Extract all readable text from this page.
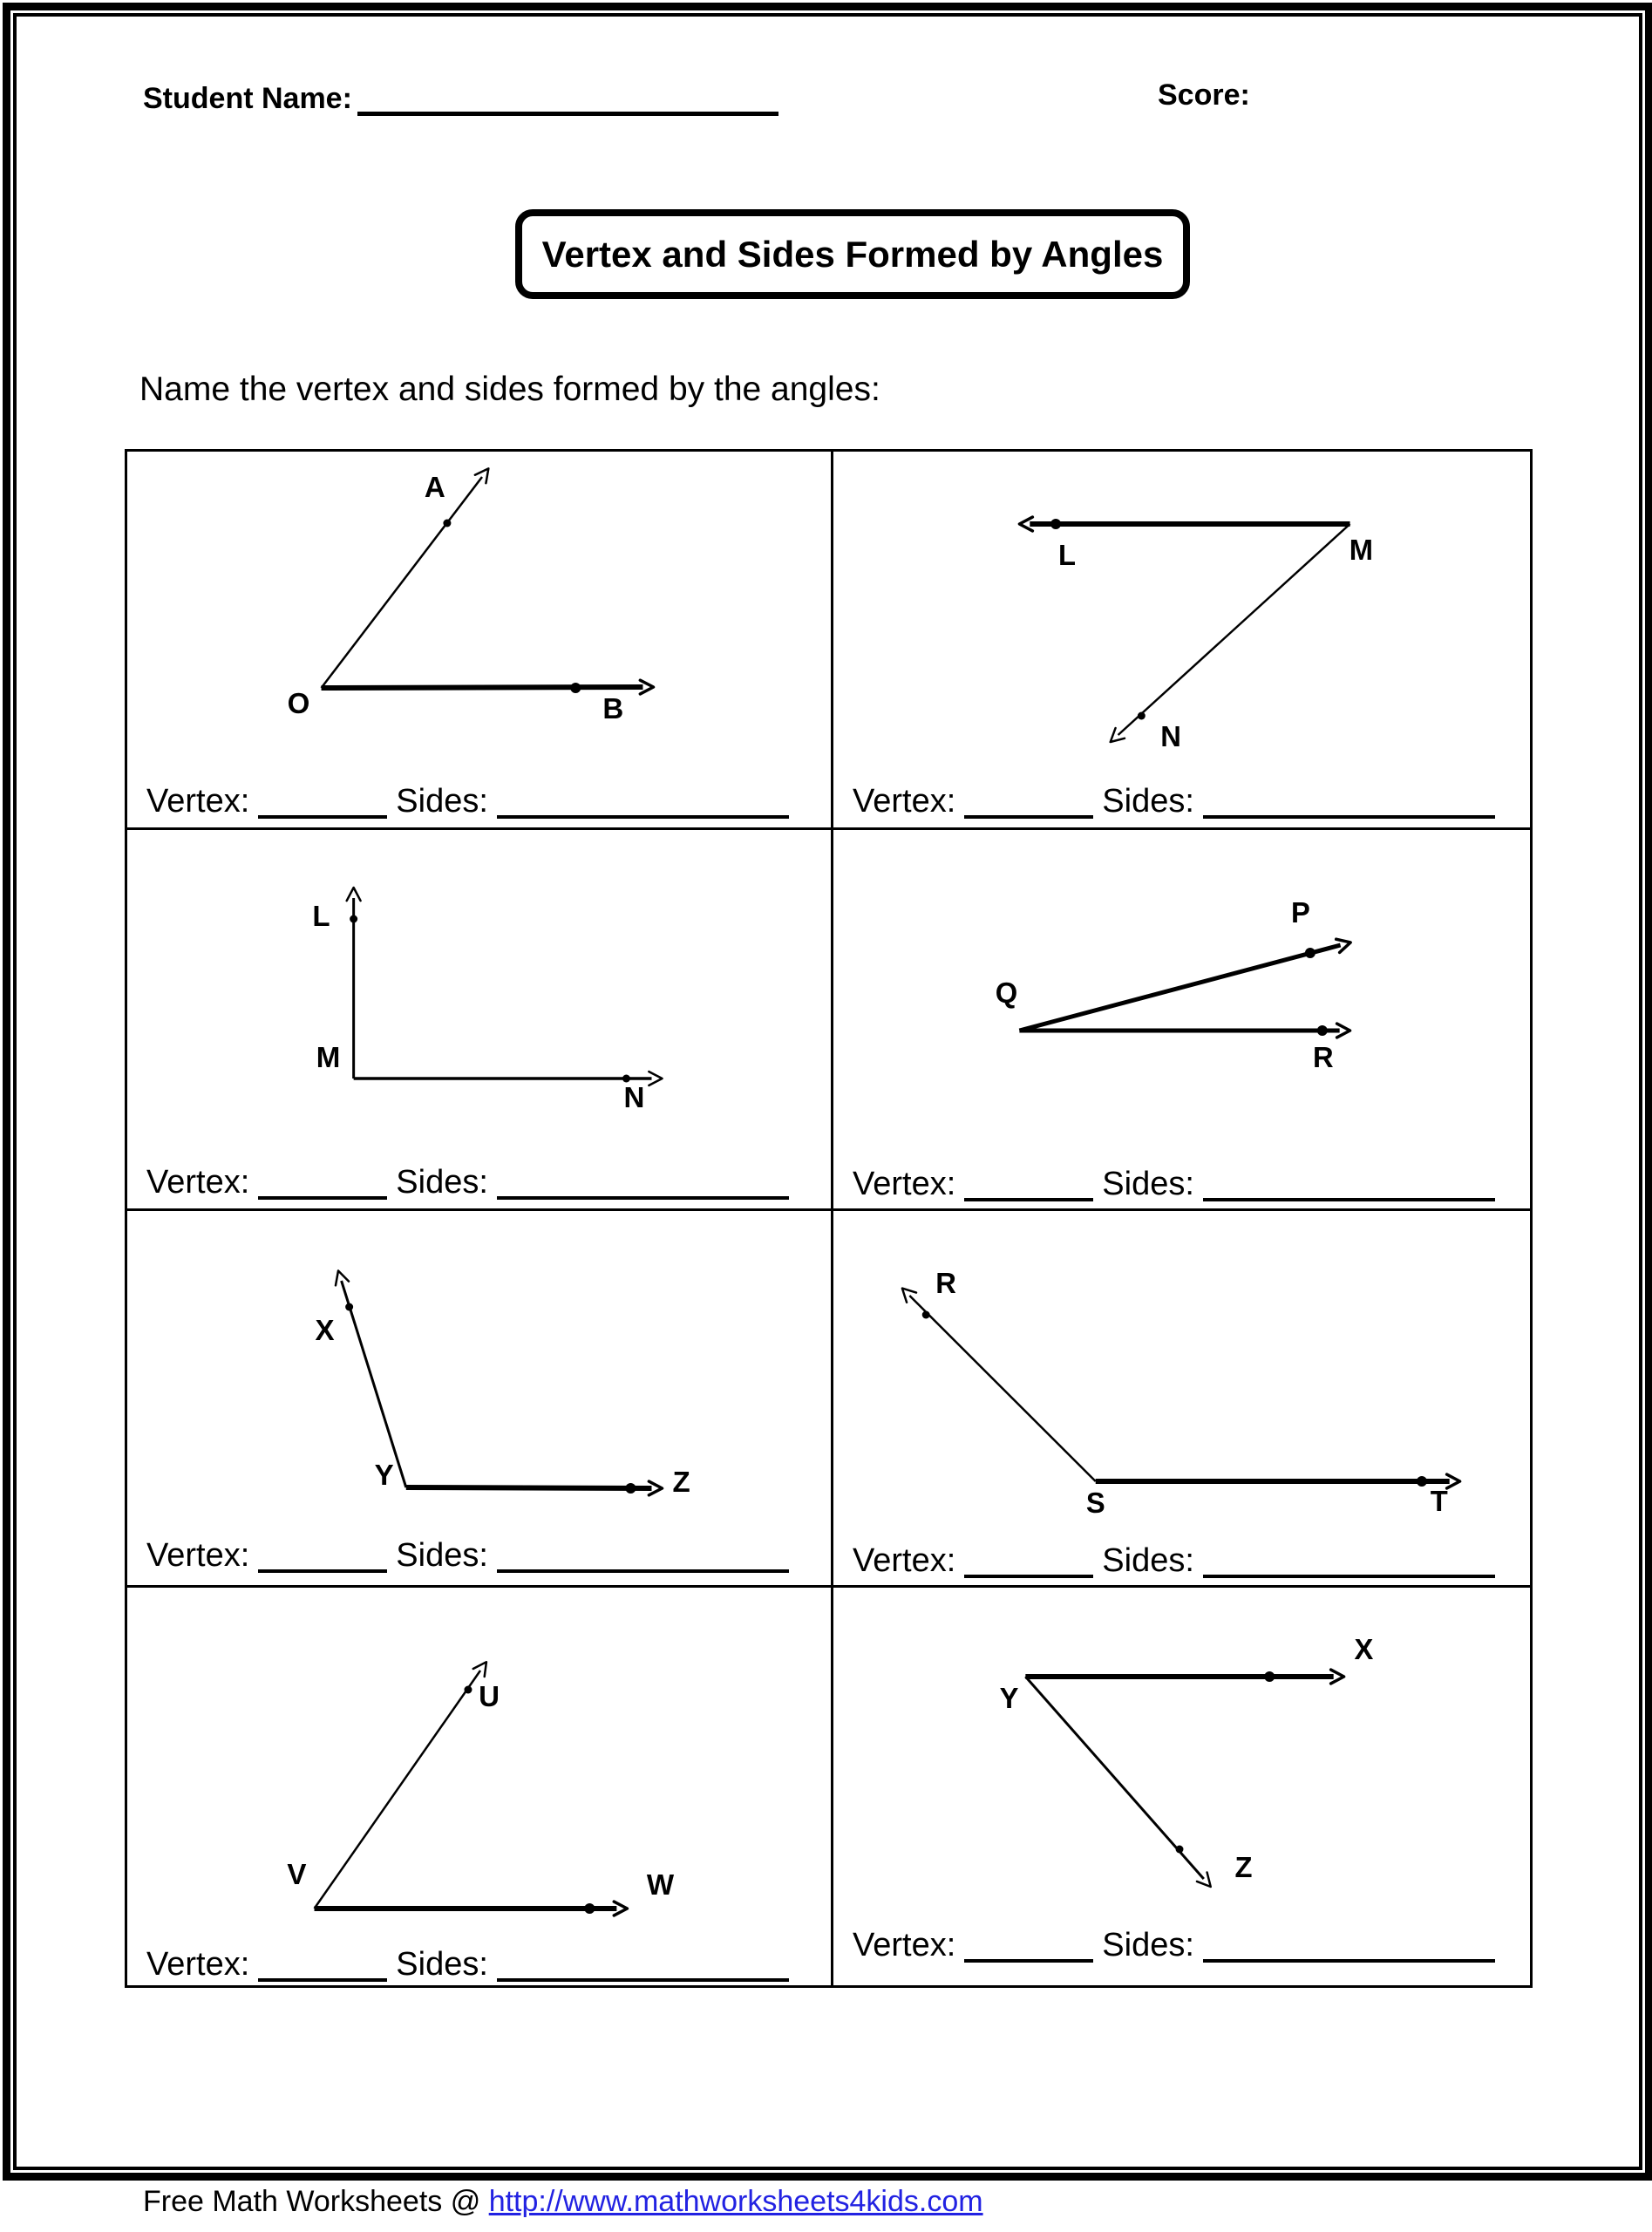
Student Name:	Score:
Vertex and Sides Formed by Angles
Name the vertex and sides formed by the angles:
A
B
O
Vertex:	Sides:
L
N
M
Vertex:	Sides:
L
N
M
Vertex:	Sides:
P
R
Q
Vertex:	Sides:
X
Z
Y
Vertex:	Sides:
R
T
S
Vertex:	Sides:
U
W
V
Vertex:	Sides:
X
Z
Y
Vertex:	Sides:
Free Math Worksheets @ http://www.mathworksheets4kids.com
